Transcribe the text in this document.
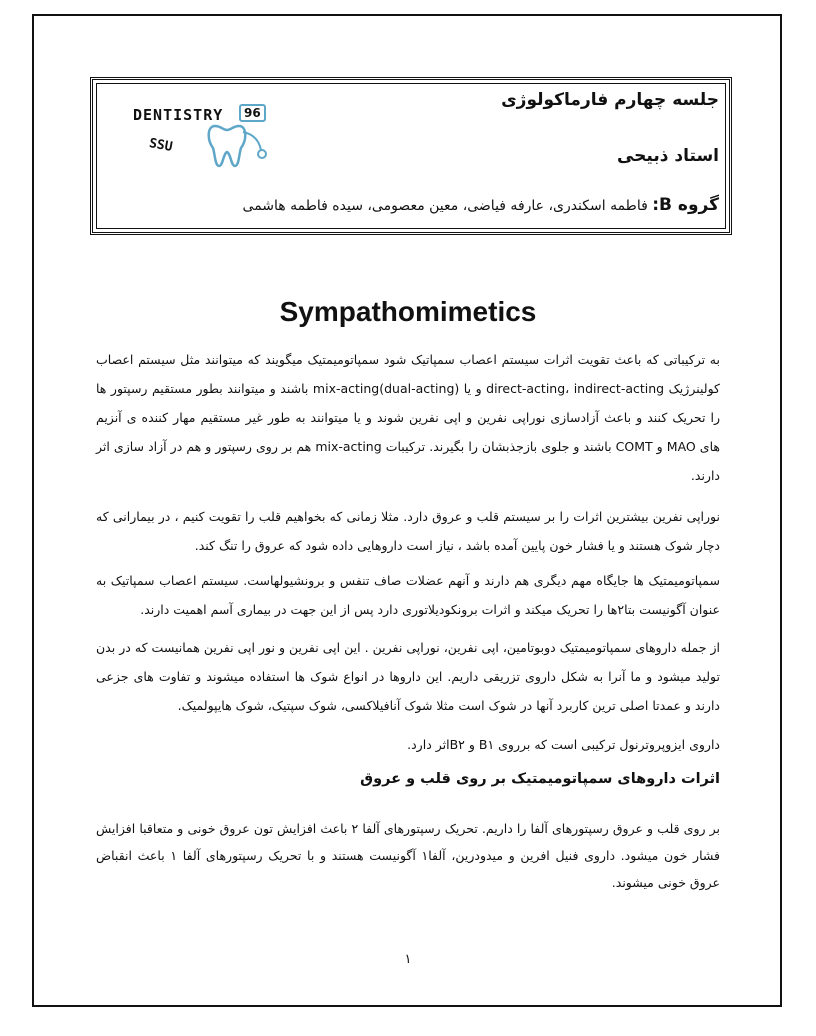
DENTISTRY	96
SSU
جلسه چهارم فارماکولوژی
استاد ذبیحی
گروه B: فاطمه اسکندری، عارفه فیاضی، معین معصومی، سیده فاطمه هاشمی
Sympathomimetics
به ترکیباتی که باعث تقویت اثرات سیستم اعصاب سمپاتیک شود سمپاتومیمتیک میگویند که میتوانند مثل سیستم اعصاب کولینرژیک direct-acting، indirect-acting و یا mix-acting(dual-acting) باشند و میتوانند بطور مستقیم رسپتور ها را تحریک کنند و باعث آزادسازی نوراپی نفرین و اپی نفرین شوند و یا میتوانند به طور غیر مستقیم مهار کننده ی آنزیم های MAO و COMT باشند و جلوی بازجذبشان را بگیرند. ترکیبات mix-acting هم بر روی رسپتور و هم در آزاد سازی اثر دارند.
نوراپی نفرین بیشترین اثرات را بر سیستم قلب و عروق دارد. مثلا زمانی که بخواهیم قلب را تقویت کنیم ، در بیمارانی که دچار شوک هستند و یا فشار خون پایین آمده باشد ، نیاز است داروهایی داده شود که عروق را تنگ کند.
سمپاتومیمتیک ها جایگاه مهم دیگری هم دارند و آنهم عضلات صاف تنفس و برونشیولهاست. سیستم اعصاب سمپاتیک به عنوان آگونیست بتا۲ها را تحریک میکند و اثرات برونکودیلاتوری دارد پس از این جهت در بیماری آسم اهمیت دارند.
از جمله داروهای سمپاتومیمتیک دوبوتامین، اپی نفرین، نوراپی نفرین . این اپی نفرین و نور اپی نفرین همانیست که در بدن تولید میشود و ما آنرا به شکل داروی تزریقی داریم. این داروها در انواع شوک ها استفاده میشوند و تفاوت های جزعی دارند و عمدتا اصلی ترین کاربرد آنها در شوک است مثلا شوک آنافیلاکسی، شوک سپتیک، شوک هایپولمیک.
داروی ایزوپروترنول ترکیبی است که برروی B۱ و B۲اثر دارد.
اثرات داروهای سمپاتومیمتیک بر روی قلب و عروق
بر روی قلب و عروق رسپتورهای آلفا را داریم. تحریک رسپتورهای آلفا ۲ باعث افزایش تون عروق خونی و متعاقبا افزایش فشار خون میشود. داروی فنیل افرین و میدودرین، آلفا۱ آگونیست هستند و با تحریک رسپتورهای آلفا ۱ باعث انقباض عروق خونی میشوند.
۱
